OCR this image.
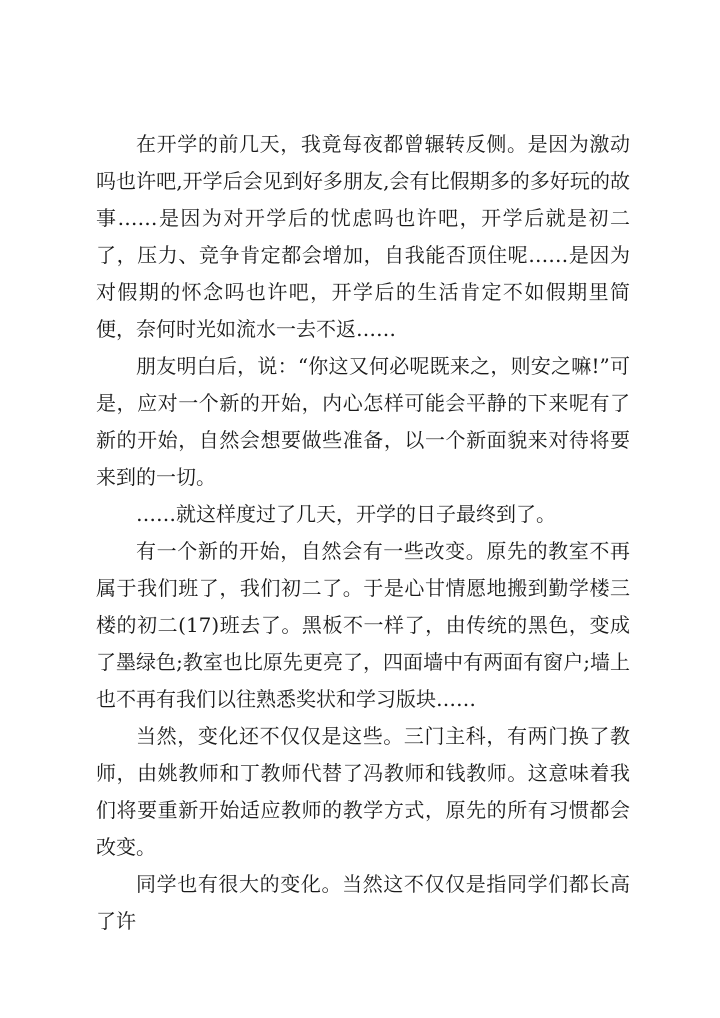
在开学的前几天，我竟每夜都曾辗转反侧。是因为激动吗也许吧,开学后会见到好多朋友,会有比假期多的多好玩的故事……是因为对开学后的忧虑吗也许吧，开学后就是初二了，压力、竞争肯定都会增加，自我能否顶住呢……是因为对假期的怀念吗也许吧，开学后的生活肯定不如假期里简便，奈何时光如流水一去不返……

朋友明白后，说：“你这又何必呢既来之，则安之嘛!”可是，应对一个新的开始，内心怎样可能会平静的下来呢有了新的开始，自然会想要做些准备，以一个新面貌来对待将要来到的一切。

……就这样度过了几天，开学的日子最终到了。

有一个新的开始，自然会有一些改变。原先的教室不再属于我们班了，我们初二了。于是心甘情愿地搬到勤学楼三楼的初二(17)班去了。黑板不一样了，由传统的黑色，变成了墨绿色;教室也比原先更亮了，四面墙中有两面有窗户;墙上也不再有我们以往熟悉奖状和学习版块……

当然，变化还不仅仅是这些。三门主科，有两门换了教师，由姚教师和丁教师代替了冯教师和钱教师。这意味着我们将要重新开始适应教师的教学方式，原先的所有习惯都会改变。

同学也有很大的变化。当然这不仅仅是指同学们都长高了许
